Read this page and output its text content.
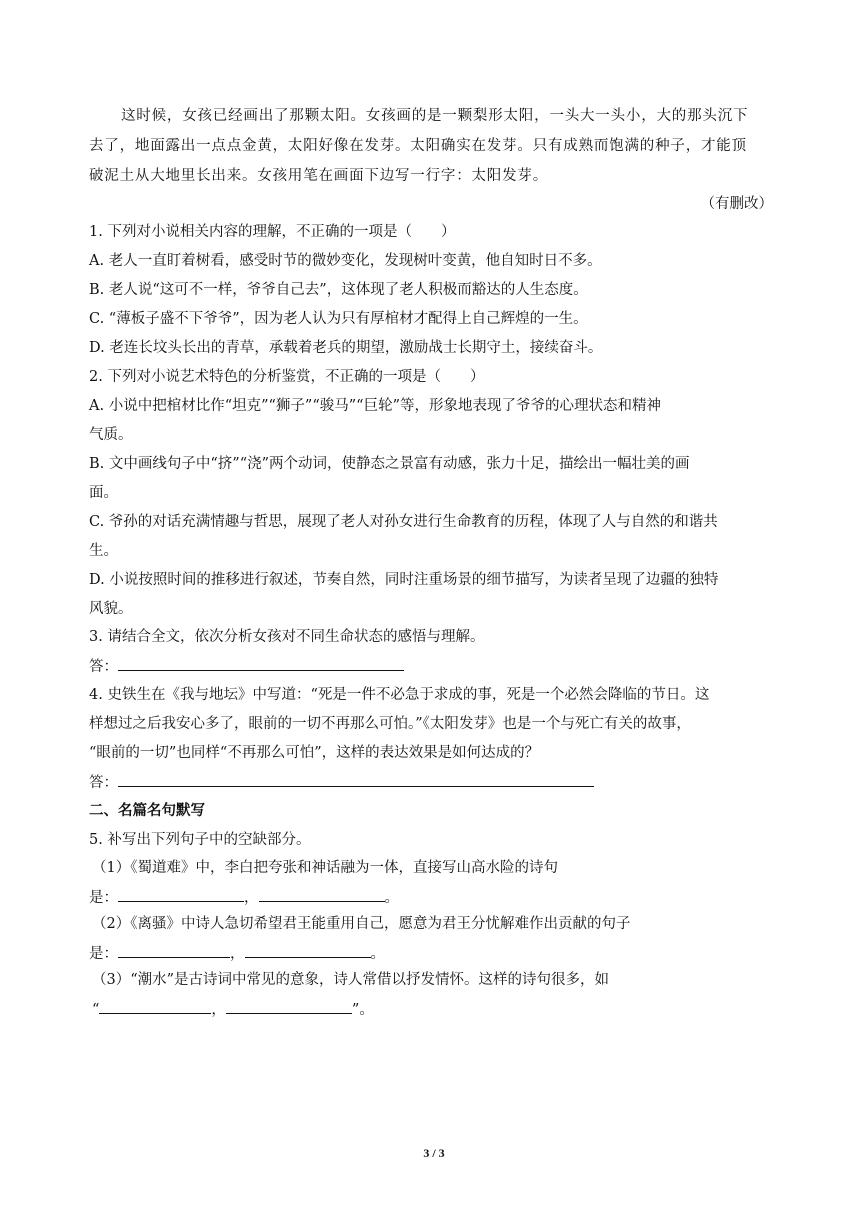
这时候，女孩已经画出了那颗太阳。女孩画的是一颗梨形太阳，一头大一头小，大的那头沉下
去了，地面露出一点点金黄，太阳好像在发芽。太阳确实在发芽。只有成熟而饱满的种子，才能顶
破泥土从大地里长出来。女孩用笔在画面下边写一行字：太阳发芽。
（有删改）
1. 下列对小说相关内容的理解，不正确的一项是（　　）
A. 老人一直盯着树看，感受时节的微妙变化，发现树叶变黄，他自知时日不多。
B. 老人说“这可不一样，爷爷自己去”，这体现了老人积极而豁达的人生态度。
C. “薄板子盛不下爷爷”，因为老人认为只有厚棺材才配得上自己辉煌的一生。
D. 老连长坟头长出的青草，承载着老兵的期望，激励战士长期守土，接续奋斗。
2. 下列对小说艺术特色的分析鉴赏，不正确的一项是（　　）
A. 小说中把棺材比作“坦克”“狮子”“骏马”“巨轮”等，形象地表现了爷爷的心理状态和精神
气质。
B. 文中画线句子中“挤”“浇”两个动词，使静态之景富有动感，张力十足，描绘出一幅壮美的画
面。
C. 爷孙的对话充满情趣与哲思，展现了老人对孙女进行生命教育的历程，体现了人与自然的和谐共
生。
D. 小说按照时间的推移进行叙述，节奏自然，同时注重场景的细节描写，为读者呈现了边疆的独特
风貌。
3. 请结合全文，依次分析女孩对不同生命状态的感悟与理解。
答：
4. 史铁生在《我与地坛》中写道：“死是一件不必急于求成的事，死是一个必然会降临的节日。这
样想过之后我安心多了，眼前的一切不再那么可怕。”《太阳发芽》也是一个与死亡有关的故事，
“眼前的一切”也同样“不再那么可怕”，这样的表达效果是如何达成的？
答：
二、名篇名句默写
5. 补写出下列句子中的空缺部分。
（1）《蜀道难》中，李白把夸张和神话融为一体，直接写山高水险的诗句
是：	，	。
（2）《离骚》中诗人急切希望君王能重用自己，愿意为君王分忧解难作出贡献的句子
是：	，	。
（3）“潮水”是古诗词中常见的意象，诗人常借以抒发情怀。这样的诗句很多，如
“	，	”。
3 / 3
